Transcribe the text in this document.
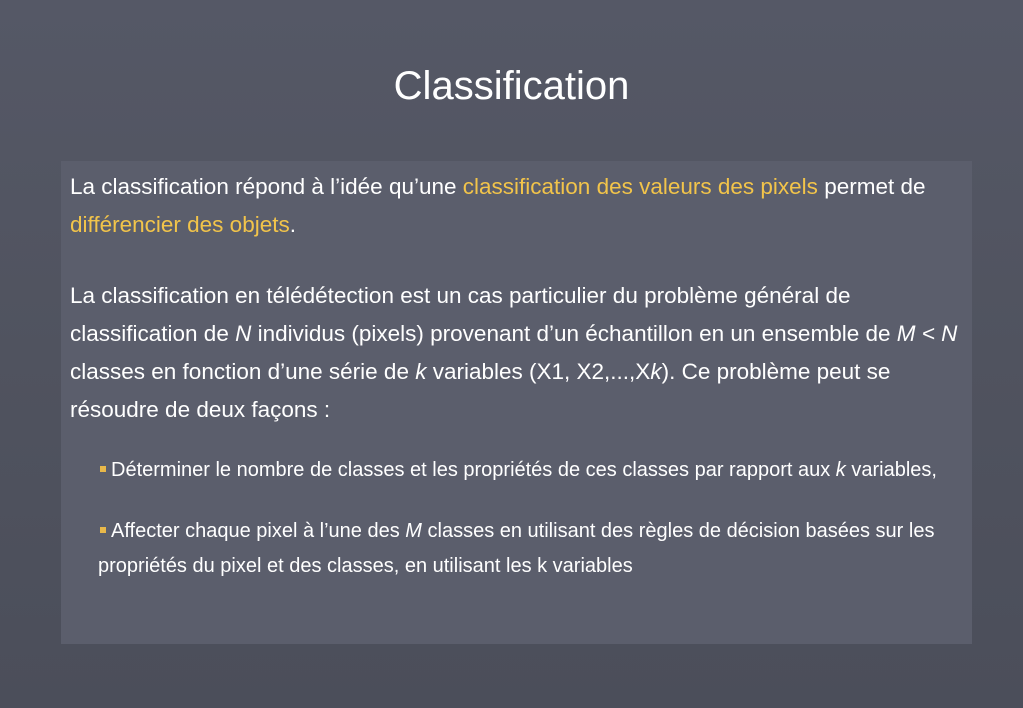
Classification

La classification répond à l’idée qu’une classification des valeurs des pixels permet de différencier des objets.

La classification en télédétection est un cas particulier du problème général de classification de N individus (pixels) provenant d’un échantillon en un ensemble de M < N classes en fonction d’une série de k variables (X1, X2,...,Xk). Ce problème peut se résoudre de deux façons :

Déterminer le nombre de classes et les propriétés de ces classes par rapport aux k variables,

Affecter chaque pixel à l’une des M classes en utilisant des règles de décision basées sur les propriétés du pixel et des classes, en utilisant les k variables
